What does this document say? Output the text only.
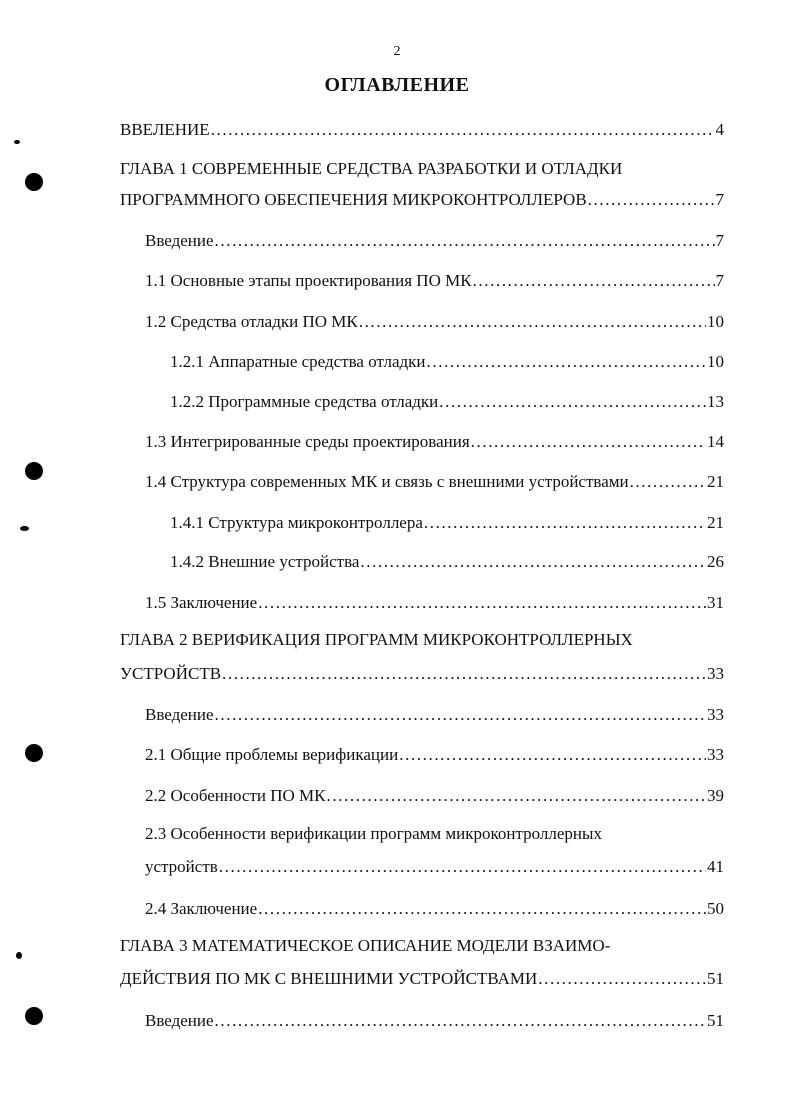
2
ОГЛАВЛЕНИЕ
ВВЕЛЕНИЕ .....	4
ГЛАВА 1 СОВРЕМЕННЫЕ СРЕДСТВА РАЗРАБОТКИ И ОТЛАДКИ
ПРОГРАММНОГО ОБЕСПЕЧЕНИЯ МИКРОКОНТРОЛЛЕРОВ .....	7
Введение .....	7
1.1 Основные этапы проектирования ПО МК .....	7
1.2 Средства отладки ПО МК .....	10
1.2.1 Аппаратные средства отладки .....	10
1.2.2 Программные средства отладки .....	13
1.3 Интегрированные среды проектирования .....	14
1.4 Структура современных МК и связь с внешними устройствами .....	21
1.4.1 Структура микроконтроллера .....	21
1.4.2 Внешние устройства .....	26
1.5 Заключение .....	31
ГЛАВА 2 ВЕРИФИКАЦИЯ ПРОГРАММ МИКРОКОНТРОЛЛЕРНЫХ
УСТРОЙСТВ .....	33
Введение .....	33
2.1 Общие проблемы верификации .....	33
2.2 Особенности ПО МК .....	39
2.3 Особенности верификации программ микроконтроллерных
устройств .....	41
2.4 Заключение .....	50
ГЛАВА 3 МАТЕМАТИЧЕСКОЕ ОПИСАНИЕ МОДЕЛИ ВЗАИМО-
ДЕЙСТВИЯ ПО МК С ВНЕШНИМИ УСТРОЙСТВАМИ .....	51
Введение .....	51
